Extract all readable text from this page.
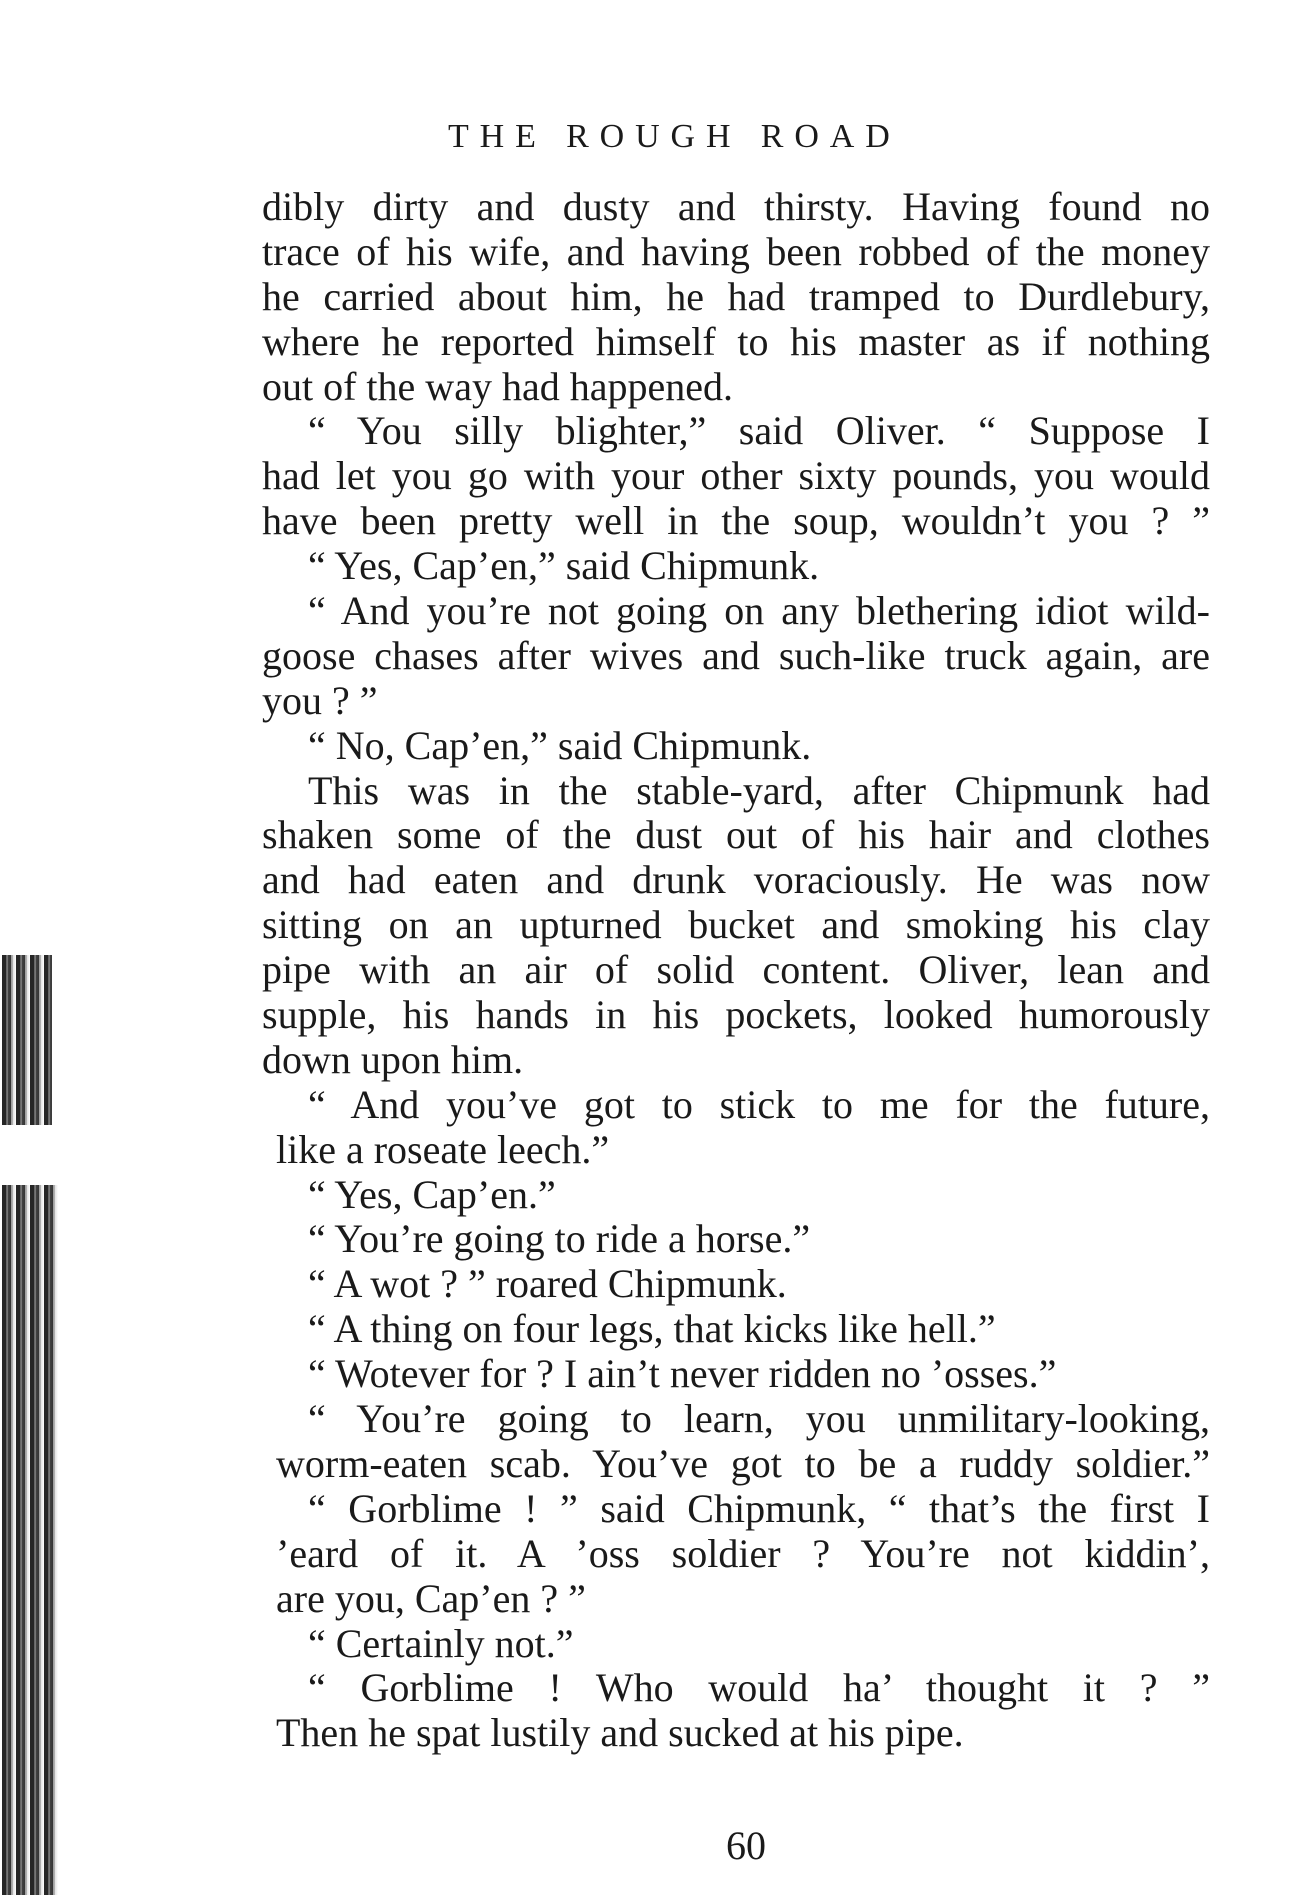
THE ROUGH ROAD
dibly dirty and dusty and thirsty. Having found no
trace of his wife, and having been robbed of the money
he carried about him, he had tramped to Durdlebury,
where he reported himself to his master as if nothing
out of the way had happened.
“ You silly blighter,” said Oliver. “ Suppose I
had let you go with your other sixty pounds, you would
have been pretty well in the soup, wouldn’t you ? ”
“ Yes, Cap’en,” said Chipmunk.
“ And you’re not going on any blethering idiot wild-
goose chases after wives and such-like truck again, are
you ? ”
“ No, Cap’en,” said Chipmunk.
This was in the stable-yard, after Chipmunk had
shaken some of the dust out of his hair and clothes
and had eaten and drunk voraciously. He was now
sitting on an upturned bucket and smoking his clay
pipe with an air of solid content. Oliver, lean and
supple, his hands in his pockets, looked humorously
down upon him.
“ And you’ve got to stick to me for the future,
like a roseate leech.”
“ Yes, Cap’en.”
“ You’re going to ride a horse.”
“ A wot ? ” roared Chipmunk.
“ A thing on four legs, that kicks like hell.”
“ Wotever for ? I ain’t never ridden no ’osses.”
“ You’re going to learn, you unmilitary-looking,
worm-eaten scab. You’ve got to be a ruddy soldier.”
“ Gorblime ! ” said Chipmunk, “ that’s the first I
’eard of it. A ’oss soldier ? You’re not kiddin’,
are you, Cap’en ? ”
“ Certainly not.”
“ Gorblime ! Who would ha’ thought it ? ”
Then he spat lustily and sucked at his pipe.
60
